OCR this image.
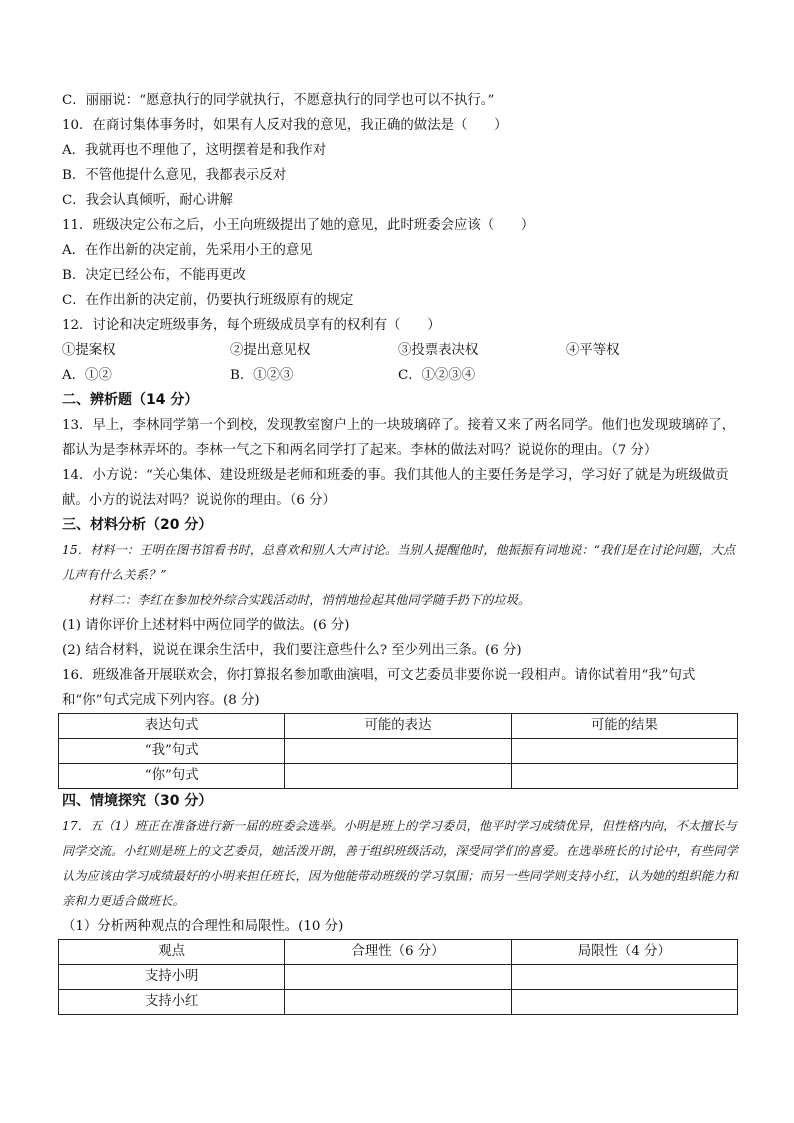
C．丽丽说：“愿意执行的同学就执行，不愿意执行的同学也可以不执行。”
10．在商讨集体事务时，如果有人反对我的意见，我正确的做法是（　　）
A．我就再也不理他了，这明摆着是和我作对
B．不管他提什么意见，我都表示反对
C．我会认真倾听，耐心讲解
11．班级决定公布之后，小王向班级提出了她的意见，此时班委会应该（　　）
A．在作出新的决定前，先采用小王的意见
B．决定已经公布，不能再更改
C．在作出新的决定前，仍要执行班级原有的规定
12．讨论和决定班级事务，每个班级成员享有的权利有（　　）
①提案权	②提出意见权	③投票表决权	④平等权
A．①②	B．①②③	C．①②③④
二、辨析题（14 分）
13．早上，李林同学第一个到校，发现教室窗户上的一块玻璃碎了。接着又来了两名同学。他们也发现玻璃碎了，都认为是李林弄坏的。李林一气之下和两名同学打了起来。李林的做法对吗？说说你的理由。（7 分）
14．小方说：“关心集体、建设班级是老师和班委的事。我们其他人的主要任务是学习，学习好了就是为班级做贡献。小方的说法对吗？说说你的理由。（6 分）
三、材料分析（20 分）
15．材料一：王明在图书馆看书时，总喜欢和别人大声讨论。当别人提醒他时，他振振有词地说：“我们是在讨论问题，大点儿声有什么关系？”
材料二：李红在参加校外综合实践活动时，悄悄地捡起其他同学随手扔下的垃圾。
(1) 请你评价上述材料中两位同学的做法。(6 分)
(2) 结合材料，说说在课余生活中，我们要注意些什么? 至少列出三条。(6 分)
16．班级准备开展联欢会，你打算报名参加歌曲演唱，可文艺委员非要你说一段相声。请你试着用“我”句式和“你”句式完成下列内容。(8 分)
表达句式	可能的表达	可能的结果
“我”句式		
“你”句式		
四、情境探究（30 分）
17．五（1）班正在准备进行新一届的班委会选举。小明是班上的学习委员，他平时学习成绩优异，但性格内向，不太擅长与同学交流。小红则是班上的文艺委员，她活泼开朗，善于组织班级活动，深受同学们的喜爱。在选举班长的讨论中，有些同学认为应该由学习成绩最好的小明来担任班长，因为他能带动班级的学习氛围；而另一些同学则支持小红，认为她的组织能力和亲和力更适合做班长。
（1）分析两种观点的合理性和局限性。(10 分)
观点	合理性（6 分）	局限性（4 分）
支持小明		
支持小红		
